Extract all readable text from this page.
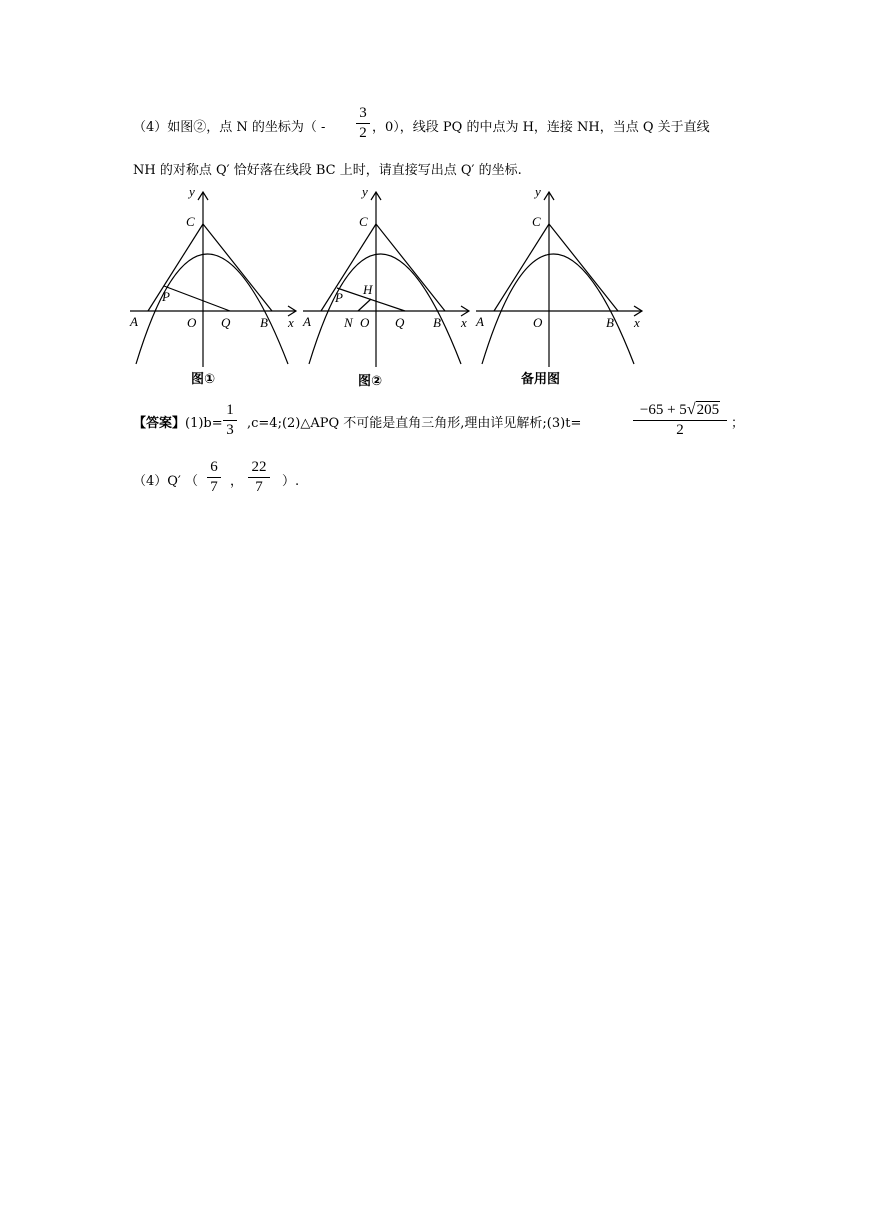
（4）如图②，点 N 的坐标为（ -
3
2 ，0），线段 PQ 的中点为 H，连接 NH，当点 Q 关于直线
NH 的对称点 Q′ 恰好落在线段 BC 上时，请直接写出点 Q′ 的坐标.
C
y
P
A	O Q B x
图①
C
y
H
P
A	N O Q B x
图②
C
y
A	O	B x
备用图
【答案】(1)b=
1
3 ,c=4;(2)△APQ 不可能是直角三角形,理由详见解析;(3)t=
−65 + 5√205
2	；
（4）Q′ （
6
7 ，
22
7	）.
